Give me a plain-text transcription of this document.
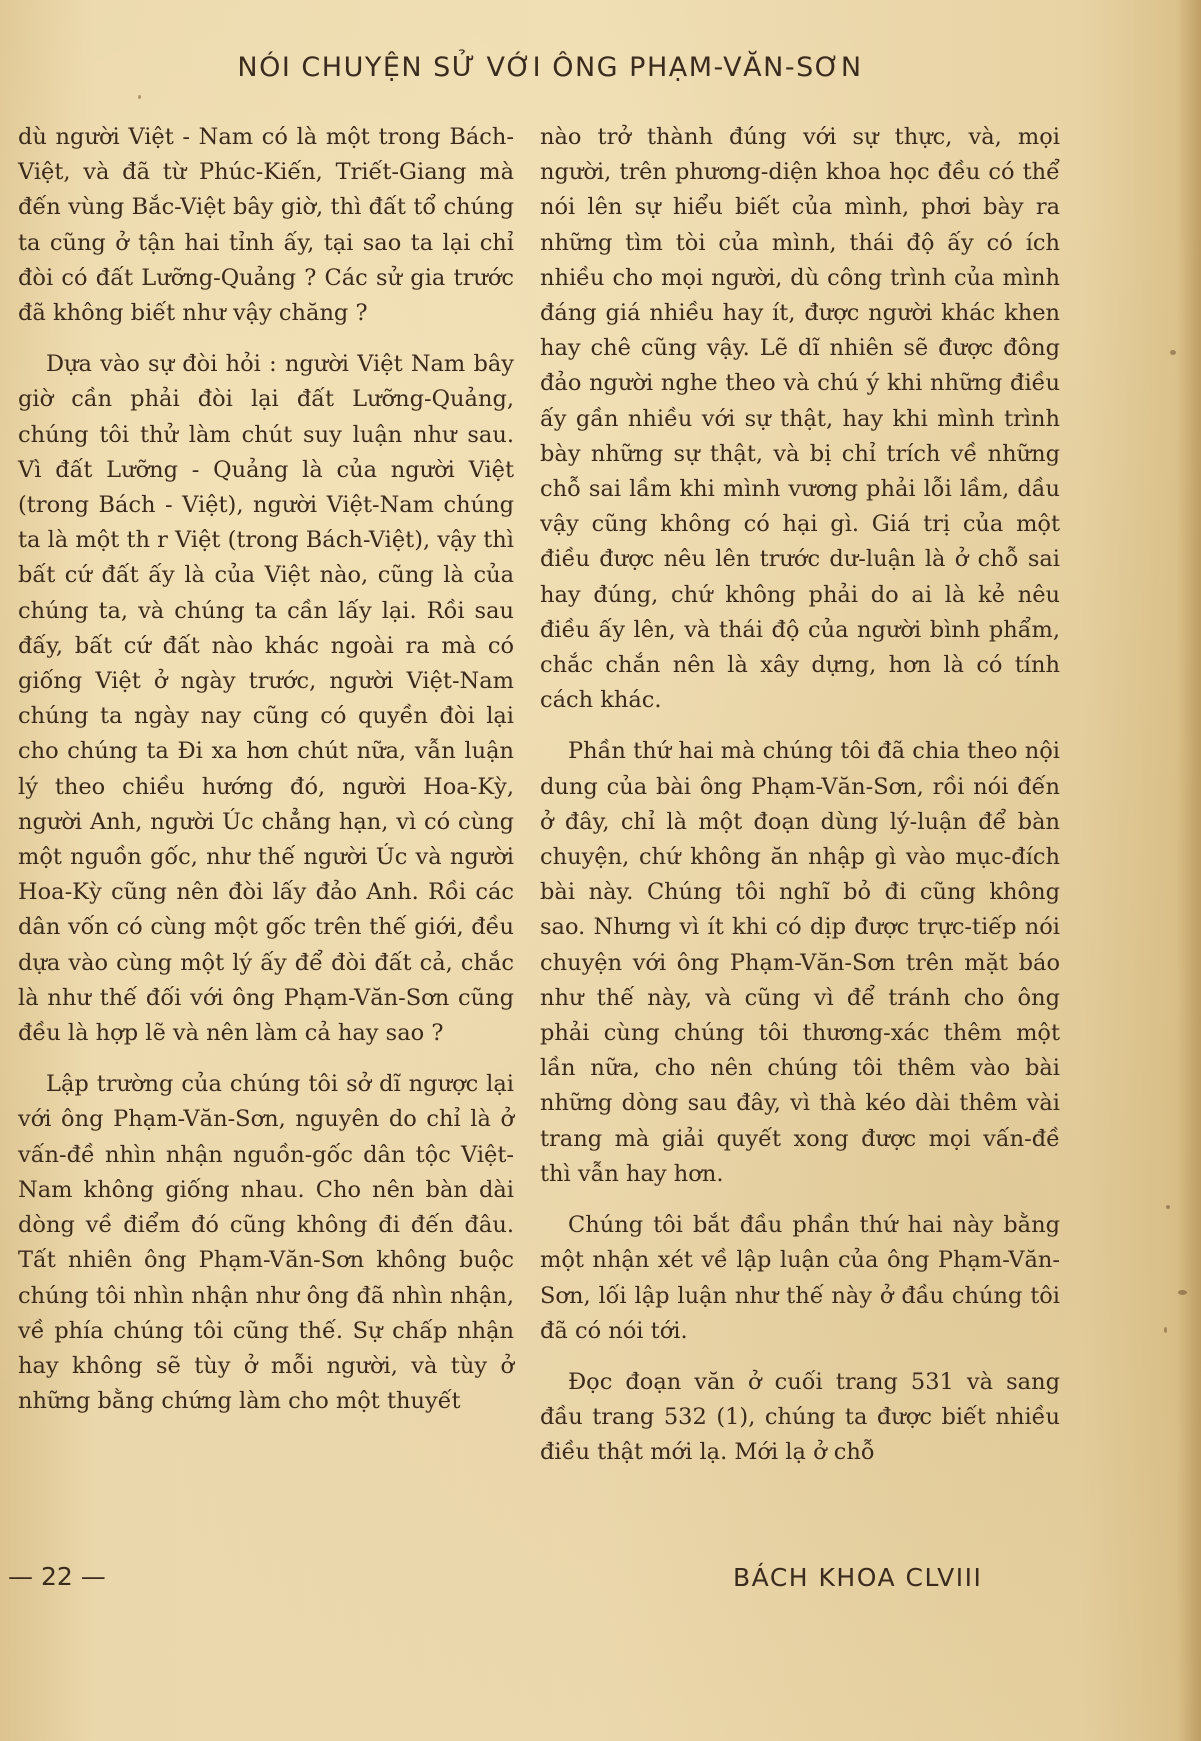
NÓI CHUYỆN SỬ VỚI ÔNG PHẠM-VĂN-SƠN

dù người Việt - Nam có là một trong Bách-Việt, và đã từ Phúc-Kiến, Triết-Giang mà đến vùng Bắc-Việt bây giờ, thì đất tổ chúng ta cũng ở tận hai tỉnh ấy, tại sao ta lại chỉ đòi có đất Lưỡng-Quảng ? Các sử gia trước đã không biết như vậy chăng ?

Dựa vào sự đòi hỏi : người Việt Nam bây giờ cần phải đòi lại đất Lưỡng-Quảng, chúng tôi thử làm chút suy luận như sau. Vì đất Lưỡng - Quảng là của người Việt (trong Bách - Việt), người Việt-Nam chúng ta là một th r Việt (trong Bách-Việt), vậy thì bất cứ đất ấy là của Việt nào, cũng là của chúng ta, và chúng ta cần lấy lại. Rồi sau đấy, bất cứ đất nào khác ngoài ra mà có giống Việt ở ngày trước, người Việt-Nam chúng ta ngày nay cũng có quyền đòi lại cho chúng ta Đi xa hơn chút nữa, vẫn luận lý theo chiều hướng đó, người Hoa-Kỳ, người Anh, người Úc chẳng hạn, vì có cùng một nguồn gốc, như thế người Úc và người Hoa-Kỳ cũng nên đòi lấy đảo Anh. Rồi các dân vốn có cùng một gốc trên thế giới, đều dựa vào cùng một lý ấy để đòi đất cả, chắc là như thế đối với ông Phạm-Văn-Sơn cũng đều là hợp lẽ và nên làm cả hay sao ?

Lập trường của chúng tôi sở dĩ ngược lại với ông Phạm-Văn-Sơn, nguyên do chỉ là ở vấn-đề nhìn nhận nguồn-gốc dân tộc Việt-Nam không giống nhau. Cho nên bàn dài dòng về điểm đó cũng không đi đến đâu. Tất nhiên ông Phạm-Văn-Sơn không buộc chúng tôi nhìn nhận như ông đã nhìn nhận, về phía chúng tôi cũng thế. Sự chấp nhận hay không sẽ tùy ở mỗi người, và tùy ở những bằng chứng làm cho một thuyết

nào trở thành đúng với sự thực, và, mọi người, trên phương-diện khoa học đều có thể nói lên sự hiểu biết của mình, phơi bày ra những tìm tòi của mình, thái độ ấy có ích nhiều cho mọi người, dù công trình của mình đáng giá nhiều hay ít, được người khác khen hay chê cũng vậy. Lẽ dĩ nhiên sẽ được đông đảo người nghe theo và chú ý khi những điều ấy gần nhiều với sự thật, hay khi mình trình bày những sự thật, và bị chỉ trích về những chỗ sai lầm khi mình vương phải lỗi lầm, dầu vậy cũng không có hại gì. Giá trị của một điều được nêu lên trước dư-luận là ở chỗ sai hay đúng, chứ không phải do ai là kẻ nêu điều ấy lên, và thái độ của người bình phẩm, chắc chắn nên là xây dựng, hơn là có tính cách khác.

Phần thứ hai mà chúng tôi đã chia theo nội dung của bài ông Phạm-Văn-Sơn, rồi nói đến ở đây, chỉ là một đoạn dùng lý-luận để bàn chuyện, chứ không ăn nhập gì vào mục-đích bài này. Chúng tôi nghĩ bỏ đi cũng không sao. Nhưng vì ít khi có dịp được trực-tiếp nói chuyện với ông Phạm-Văn-Sơn trên mặt báo như thế này, và cũng vì để tránh cho ông phải cùng chúng tôi thương-xác thêm một lần nữa, cho nên chúng tôi thêm vào bài những dòng sau đây, vì thà kéo dài thêm vài trang mà giải quyết xong được mọi vấn-đề thì vẫn hay hơn.

Chúng tôi bắt đầu phần thứ hai này bằng một nhận xét về lập luận của ông Phạm-Văn-Sơn, lối lập luận như thế này ở đầu chúng tôi đã có nói tới.

Đọc đoạn văn ở cuối trang 531 và sang đầu trang 532 (1), chúng ta được biết nhiều điều thật mới lạ. Mới lạ ở chỗ

— 22 —	BÁCH KHOA CLVIII
